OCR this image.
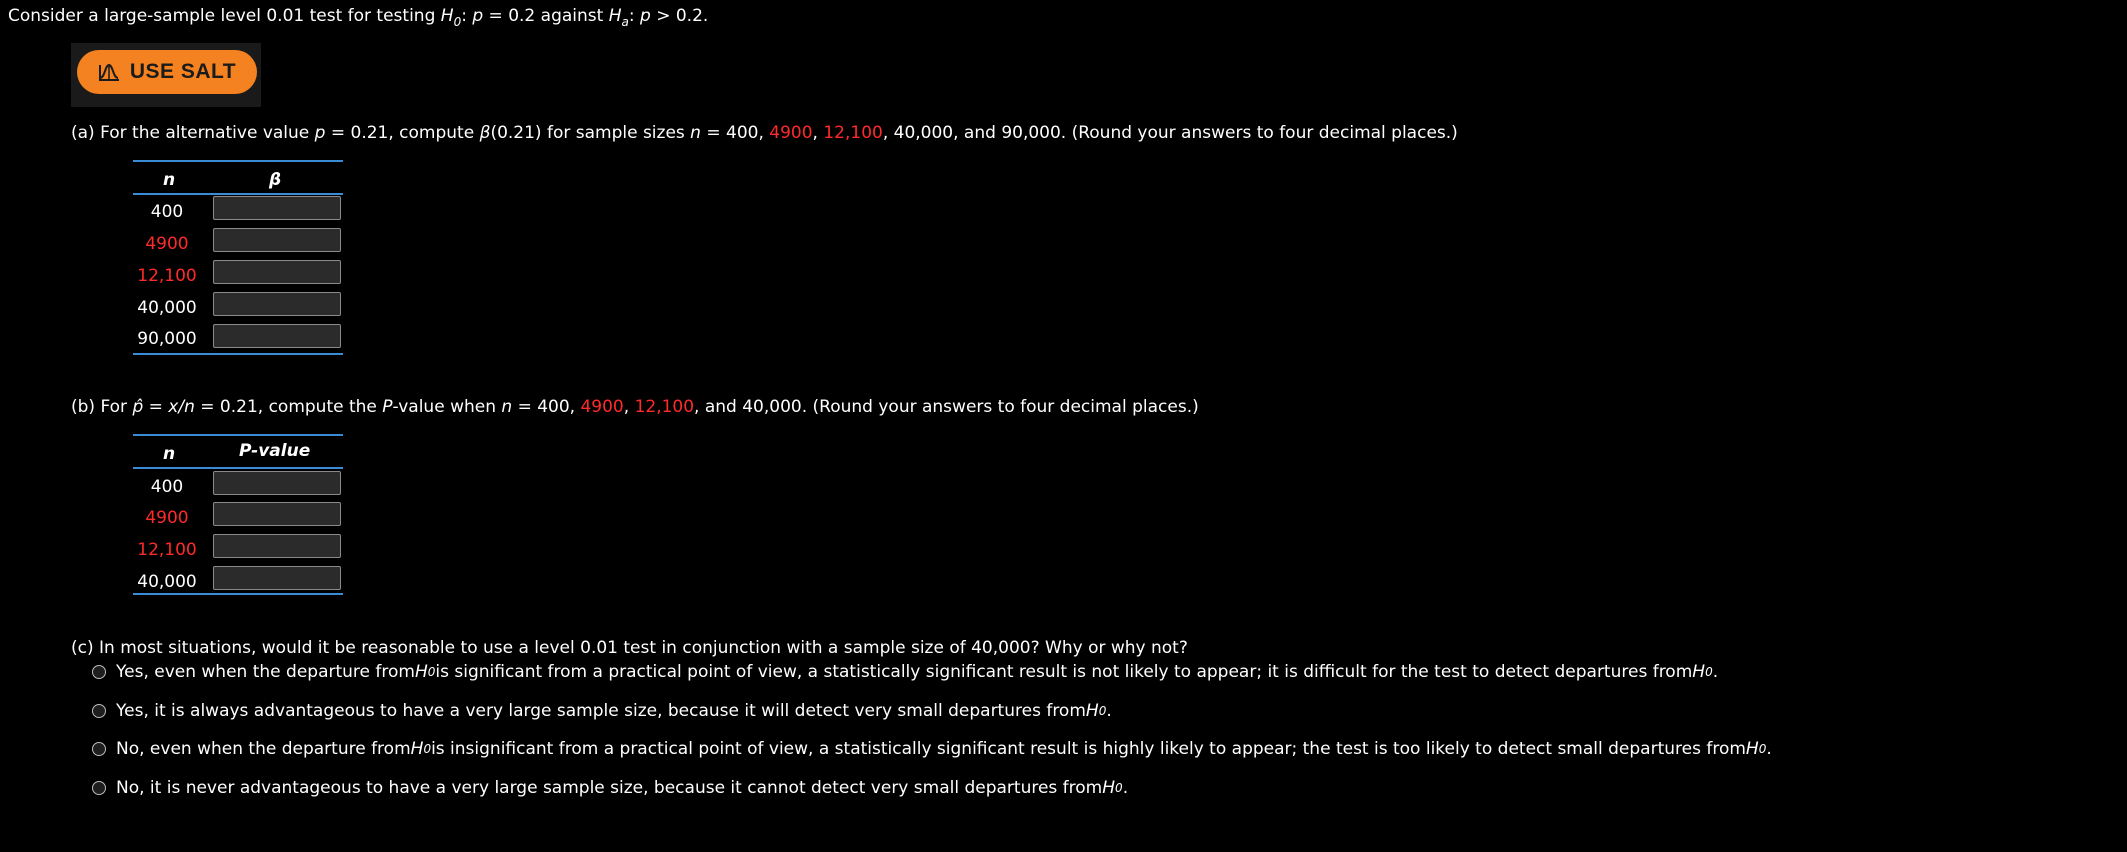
Consider a large-sample level 0.01 test for testing $H_0$: p = 0.2 against $H_a$: p > 0.2.
USE SALT
(a) For the alternative value p = 0.21, compute β(0.21) for sample sizes n = 400, 4900, 12,100, 40,000, and 90,000. (Round your answers to four decimal places.)
n	β
400
4900
12,100
40,000
90,000
(b) For p̂ = x/n = 0.21, compute the P-value when n = 400, 4900, 12,100, and 40,000. (Round your answers to four decimal places.)
n	P-value
400
4900
12,100
40,000
(c) In most situations, would it be reasonable to use a level 0.01 test in conjunction with a sample size of 40,000? Why or why not?
Yes, even when the departure from H 0 is significant from a practical point of view, a statistically significant result is not likely to appear; it is difficult for the test to detect departures from H 0 .
Yes, it is always advantageous to have a very large sample size, because it will detect very small departures from H 0 .
No, even when the departure from H 0 is insignificant from a practical point of view, a statistically significant result is highly likely to appear; the test is too likely to detect small departures from H 0 .
No, it is never advantageous to have a very large sample size, because it cannot detect very small departures from H 0 .
